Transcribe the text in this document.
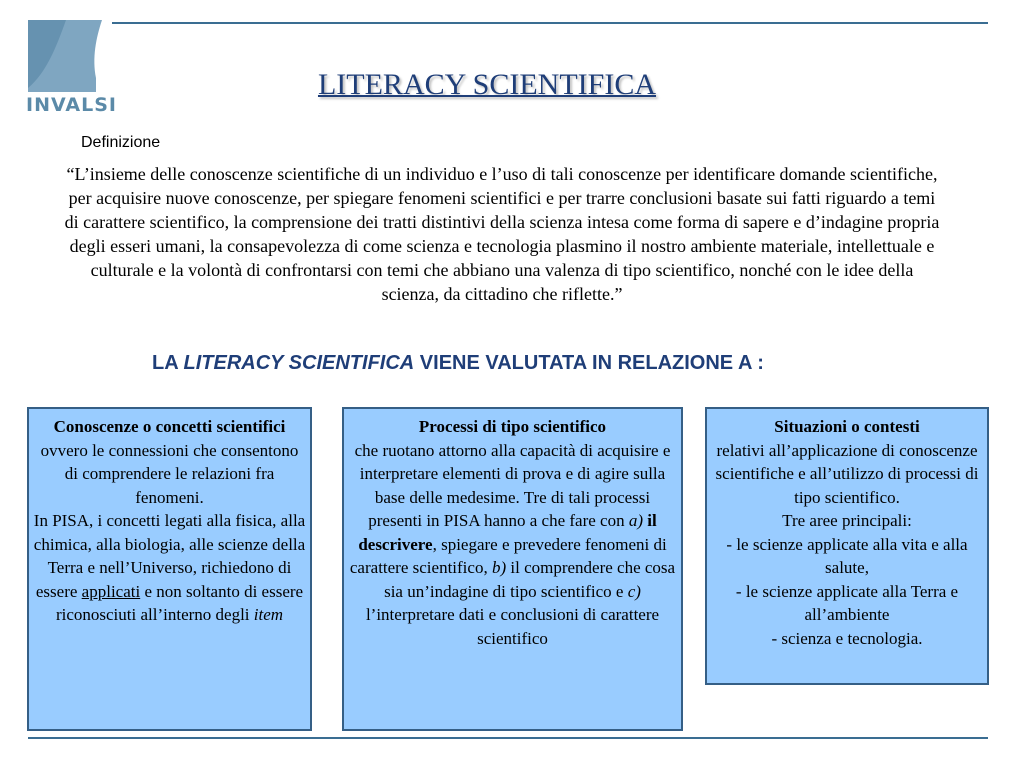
INVALSI
LITERACY SCIENTIFICA
Definizione
“L’insieme delle conoscenze scientifiche di un individuo e l’uso di tali conoscenze per identificare domande scientifiche, per acquisire nuove conoscenze, per spiegare fenomeni scientifici e per trarre conclusioni basate sui fatti riguardo a temi di carattere scientifico, la comprensione dei tratti distintivi della scienza intesa come forma di sapere e d’indagine propria degli esseri umani, la consapevolezza di come scienza e tecnologia plasmino il nostro ambiente materiale, intellettuale e culturale e la volontà di confrontarsi con temi che abbiano una valenza di tipo scientifico, nonché con le idee della scienza, da cittadino che riflette.”
LA LITERACY SCIENTIFICA VIENE VALUTATA IN RELAZIONE A :
Conoscenze o concetti scientifici
ovvero le connessioni che consentono di comprendere le relazioni fra fenomeni.
In PISA, i concetti legati alla fisica, alla chimica, alla biologia, alle scienze della Terra e nell’Universo, richiedono di essere applicati e non soltanto di essere riconosciuti all’interno degli item
Processi di tipo scientifico
che ruotano attorno alla capacità di acquisire e interpretare elementi di prova e di agire sulla base delle medesime. Tre di tali processi presenti in PISA hanno a che fare con a) il descrivere, spiegare e prevedere fenomeni di carattere scientifico, b) il comprendere che cosa sia un’indagine di tipo scientifico e c) l’interpretare dati e conclusioni di carattere scientifico
Situazioni o contesti
relativi all’applicazione di conoscenze scientifiche e all’utilizzo di processi di tipo scientifico.
Tre aree principali:
- le scienze applicate alla vita e alla salute,
- le scienze applicate alla Terra e all’ambiente
- scienza e tecnologia.
